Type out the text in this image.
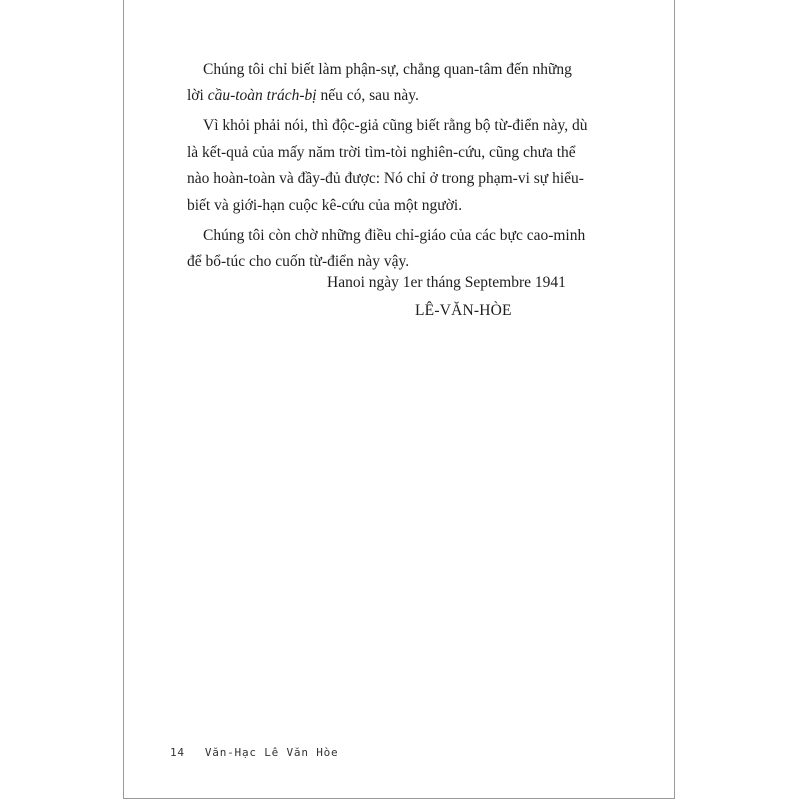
Chúng tôi chỉ biết làm phận-sự, chẳng quan-tâm đến những
lời cầu-toàn trách-bị nếu có, sau này.

Vì khỏi phải nói, thì độc-giả cũng biết rằng bộ từ-điển này, dù
là kết-quả của mấy năm trời tìm-tòi nghiên-cứu, cũng chưa thể
nào hoàn-toàn và đầy-đủ được: Nó chỉ ở trong phạm-vi sự hiểu-
biết và giới-hạn cuộc kê-cứu của một người.

Chúng tôi còn chờ những điều chỉ-giáo của các bực cao-minh
để bổ-túc cho cuốn từ-điển này vậy.

Hanoi ngày 1er tháng Septembre 1941
LÊ-VĂN-HÒE
14 Văn-Hạc Lê Văn Hòe
